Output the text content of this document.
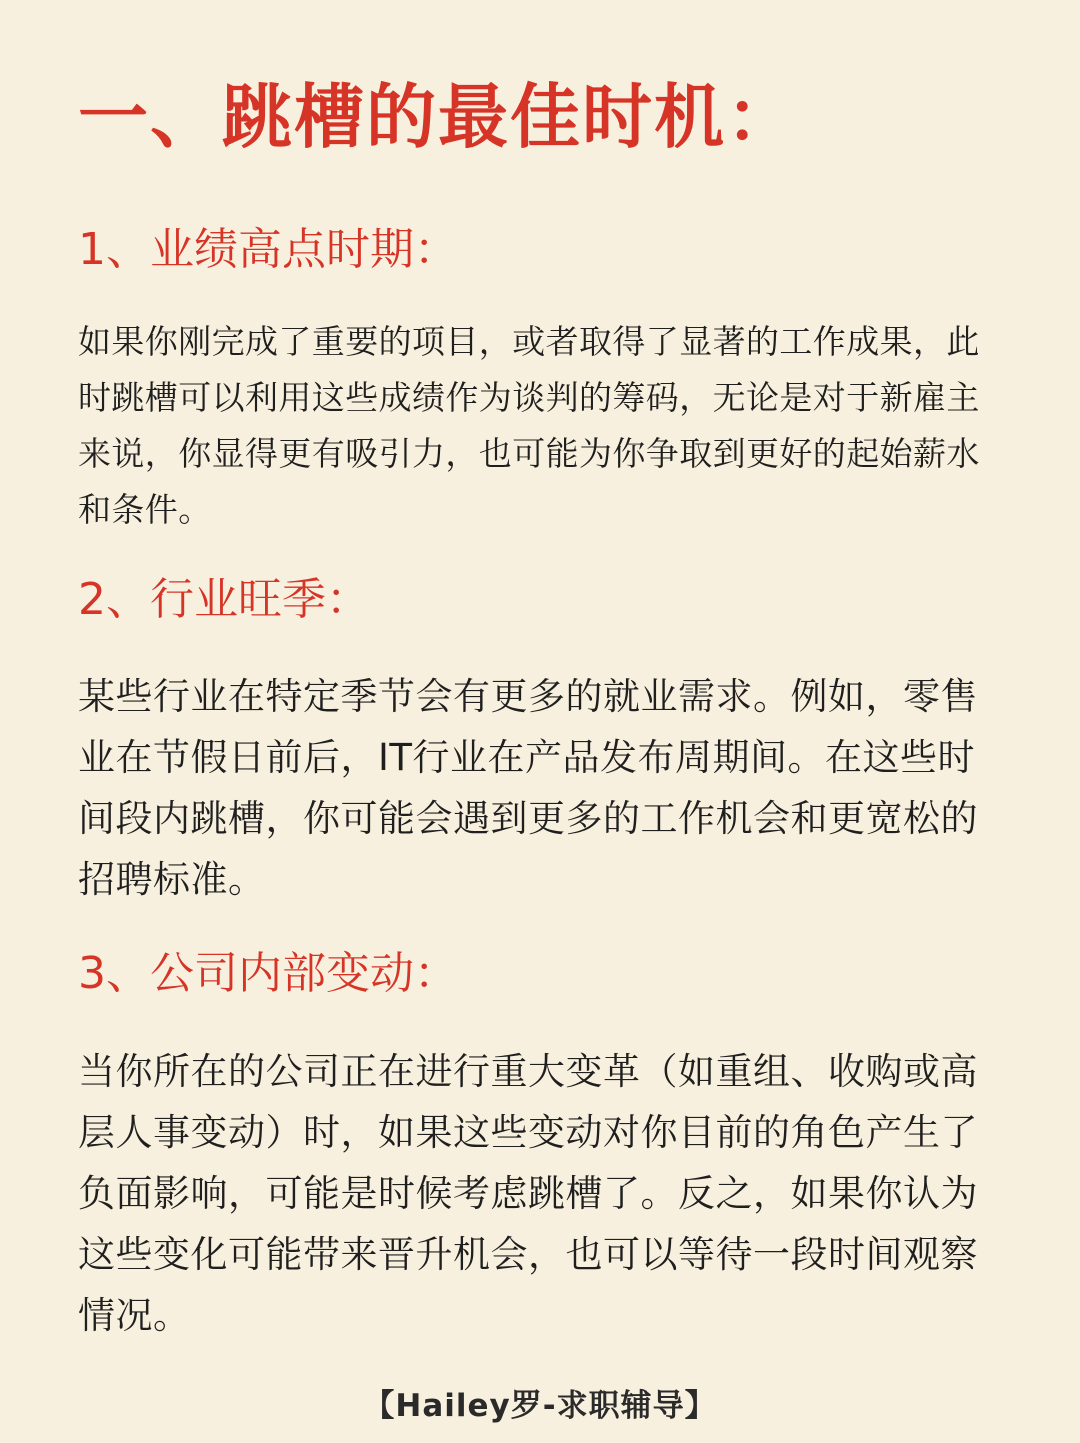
一、跳槽的最佳时机：
1、业绩高点时期：

如果你刚完成了重要的项目，或者取得了显著的工作成果，此时跳槽可以利用这些成绩作为谈判的筹码，无论是对于新雇主来说，你显得更有吸引力，也可能为你争取到更好的起始薪水和条件。

2、行业旺季：

某些行业在特定季节会有更多的就业需求。例如，零售业在节假日前后，IT行业在产品发布周期间。在这些时间段内跳槽，你可能会遇到更多的工作机会和更宽松的招聘标准。

3、公司内部变动：

当你所在的公司正在进行重大变革（如重组、收购或高层人事变动）时，如果这些变动对你目前的角色产生了负面影响，可能是时候考虑跳槽了。反之，如果你认为这些变化可能带来晋升机会，也可以等待一段时间观察情况。

【Hailey罗-求职辅导】
